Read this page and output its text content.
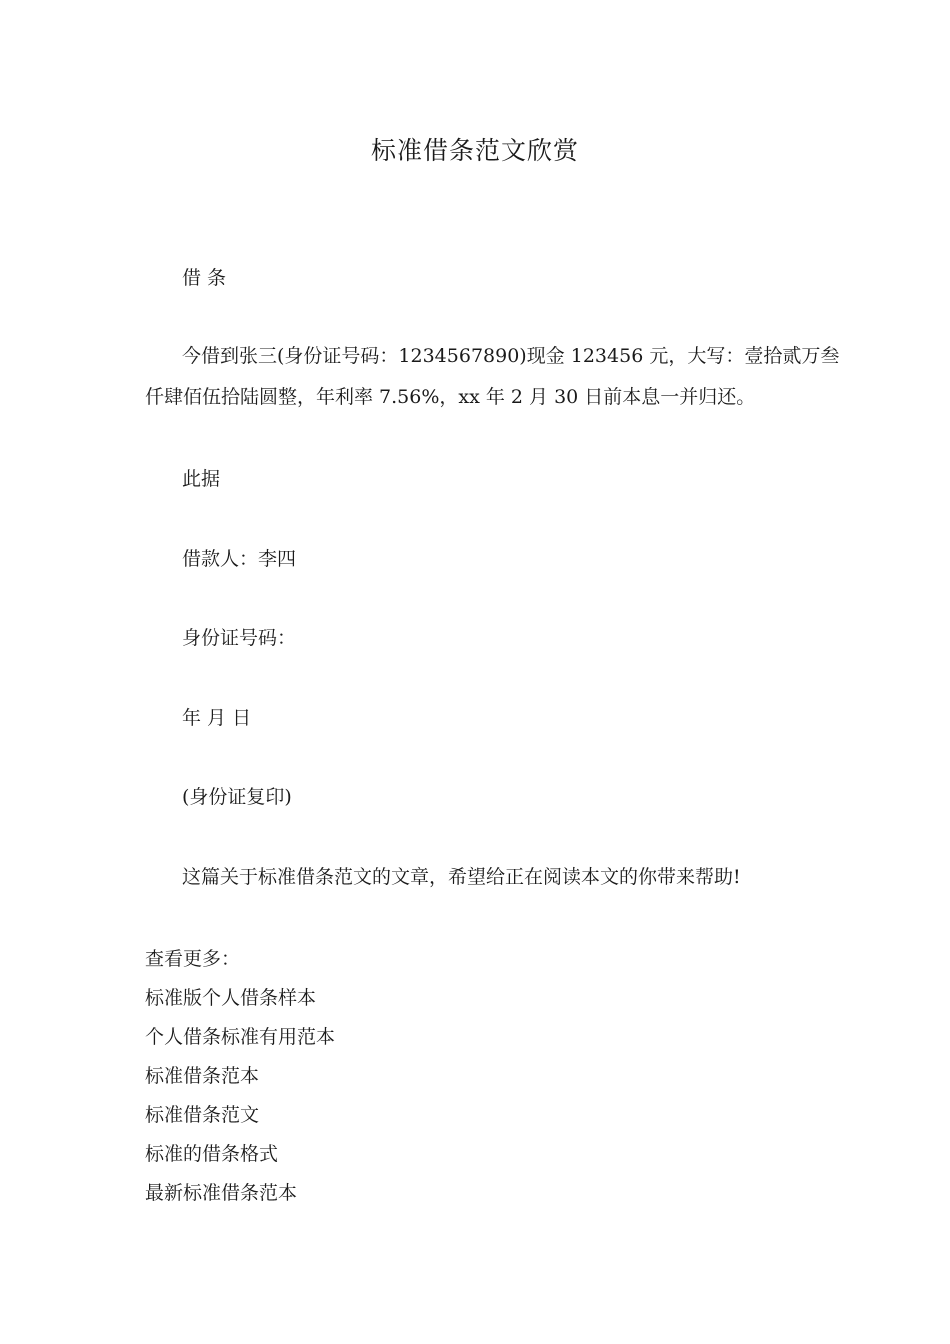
标准借条范文欣赏
借 条
今借到张三(身份证号码：1234567890)现金 123456 元，大写：壹拾贰万叁
仟肆佰伍拾陆圆整，年利率 7.56%，xx 年 2 月 30 日前本息一并归还。
此据
借款人：李四
身份证号码：
年 月 日
(身份证复印)
这篇关于标准借条范文的文章，希望给正在阅读本文的你带来帮助!
查看更多：
标准版个人借条样本
个人借条标准有用范本
标准借条范本
标准借条范文
标准的借条格式
最新标准借条范本
